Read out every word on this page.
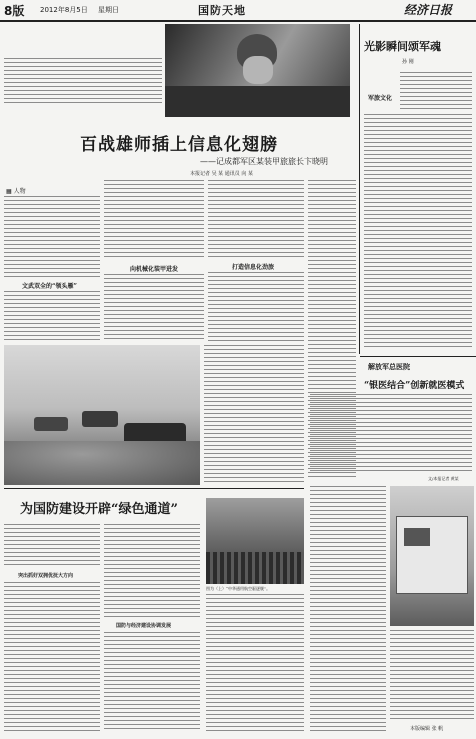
8版 2012年8月5日 星期日	国防天地	经济日报
百战雄师插上信息化翅膀
——记成都军区某装甲旅旅长卞晓明
本报记者 吴 某 通讯员 向 某
▦ 人物
文武双全的“领头雁”
向机械化装甲进发	打造信息化劲旅
光影瞬间颂军魂
孙 刚
军旅文化
解放军总医院
“银医结合”创新就医模式
文/本报记者 黄某
为国防建设开辟“绿色通道”
突出抓好双拥优抚大方向
国防与经济建设协调发展
图为（上）“中华通用航空驱逐舰”。
本版编辑 张 帆
